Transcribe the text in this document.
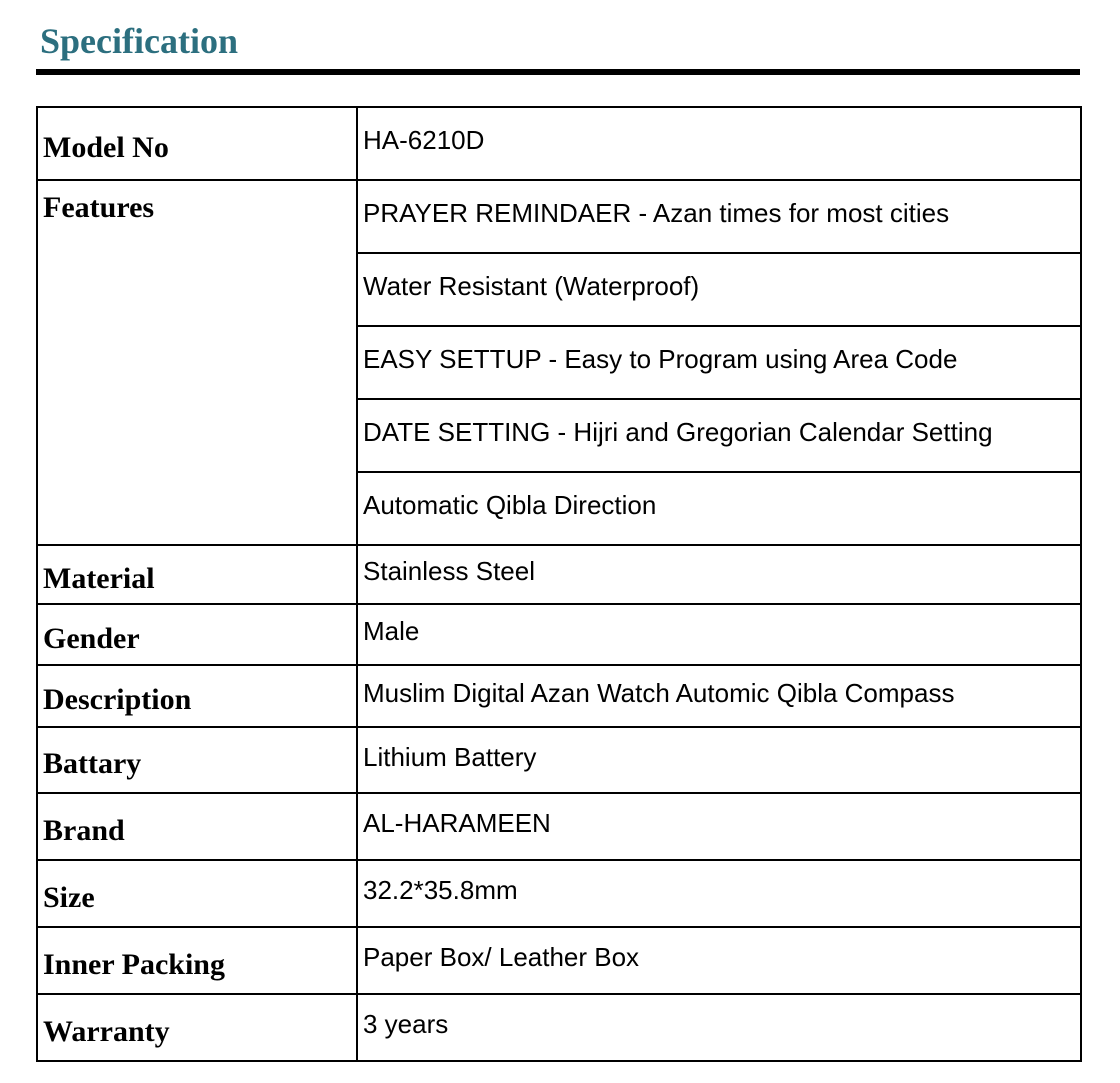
Specification
Model No	HA-6210D
Features	PRAYER REMINDAER - Azan times for most cities
	Water Resistant (Waterproof)
	EASY SETTUP - Easy to Program using Area Code
	DATE SETTING - Hijri and Gregorian Calendar Setting
	Automatic Qibla Direction
Material	Stainless Steel
Gender	Male
Description	Muslim Digital Azan Watch Automic Qibla Compass
Battary	Lithium Battery
Brand	AL-HARAMEEN
Size	32.2*35.8mm
Inner Packing	Paper Box/ Leather Box
Warranty	3 years
